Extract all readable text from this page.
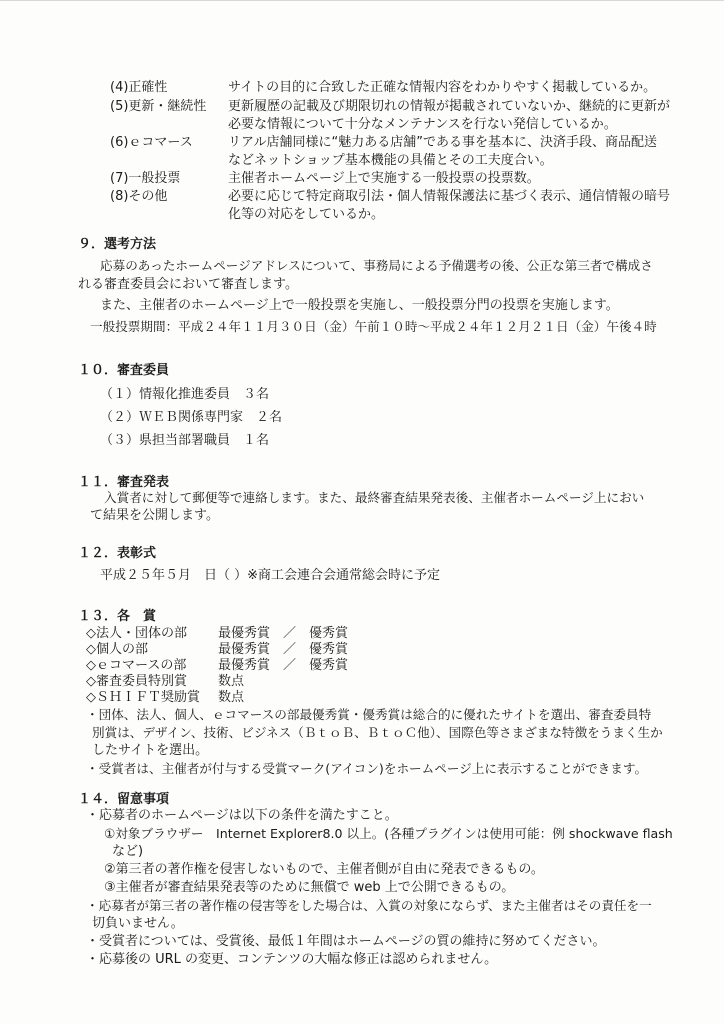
(4)正確性	サイトの目的に合致した正確な情報内容をわかりやすく掲載しているか。
(5)更新・継続性 更新履歴の記載及び期限切れの情報が掲載されていないか、継続的に更新が
必要な情報について十分なメンテナンスを行ない発信しているか。
(6)ｅコマース	リアル店舗同様に“魅力ある店舗”である事を基本に、決済手段、商品配送
などネットショップ基本機能の具備とその工夫度合い。
(7)一般投票	主催者ホームページ上で実施する一般投票の投票数。
(8)その他	必要に応じて特定商取引法・個人情報保護法に基づく表示、通信情報の暗号
化等の対応をしているか。
９．選考方法
応募のあったホームページアドレスについて、事務局による予備選考の後、公正な第三者で構成さ
れる審査委員会において審査します。
また、主催者のホームページ上で一般投票を実施し、一般投票分門の投票を実施します。
一般投票期間：平成２４年１１月３０日（金）午前１０時〜平成２４年１２月２１日（金）午後４時
１０．審査委員
（１）情報化推進委員　３名
（２）ＷＥＢ関係専門家　２名
（３）県担当部署職員　１名
１１．審査発表
入賞者に対して郵便等で連絡します。また、最終審査結果発表後、主催者ホームページ上におい
て結果を公開します。
１２．表彰式
平成２５年５月　日（ ）※商工会連合会通常総会時に予定
１３．各　賞
◇法人・団体の部 最優秀賞　／　優秀賞
◇個人の部	最優秀賞　／　優秀賞
◇ｅコマースの部 最優秀賞　／　優秀賞
◇審査委員特別賞 数点
◇ＳＨＩＦＴ奨励賞 数点
・団体、法人、個人、ｅコマースの部最優秀賞・優秀賞は総合的に優れたサイトを選出、審査委員特
別賞は、デザイン、技術、ビジネス（ＢｔｏＢ、ＢｔｏＣ他）、国際色等さまざまな特徴をうまく生か
したサイトを選出。
・受賞者は、主催者が付与する受賞マーク(アイコン)をホームページ上に表示することができます。
１４．留意事項
・応募者のホームページは以下の条件を満たすこと。
①対象ブラウザー　Internet Explorer8.0 以上。(各種プラグインは使用可能：例 shockwave flash
など)
②第三者の著作権を侵害しないもので、主催者側が自由に発表できるもの。
③主催者が審査結果発表等のために無償で web 上で公開できるもの。
・応募者が第三者の著作権の侵害等をした場合は、入賞の対象にならず、また主催者はその責任を一
切負いません。
・受賞者については、受賞後、最低１年間はホームページの質の維持に努めてください。
・応募後の URL の変更、コンテンツの大幅な修正は認められません。
